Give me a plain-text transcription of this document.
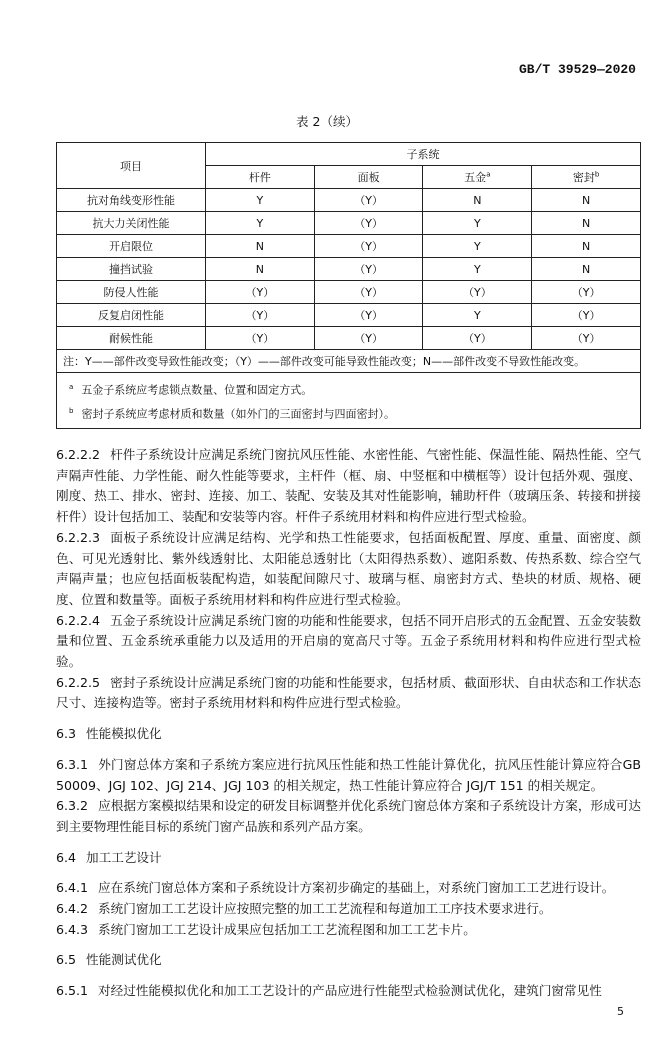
GB/T 39529—2020
表 2（续）
项目	子系统			
	杆件	面板	五金$^a$	密封$^b$
抗对角线变形性能	Y	（Y）	N	N
抗大力关闭性能	Y	（Y）	Y	N
开启限位	N	（Y）	Y	N
撞挡试验	N	（Y）	Y	N
防侵人性能	（Y）	（Y）	（Y）	（Y）
反复启闭性能	（Y）	（Y）	Y	（Y）
耐候性能	（Y）	（Y）	（Y）	（Y）
注：Y——部件改变导致性能改变；（Y）——部件改变可能导致性能改变；N——部件改变不导致性能改变。				

$^a$ 五金子系统应考虑锁点数量、位置和固定方式。
$^b$ 密封子系统应考虑材质和数量（如外门的三面密封与四面密封）。				

6.2.2.2 杆件子系统设计应满足系统门窗抗风压性能、水密性能、气密性能、保温性能、隔热性能、空气声隔声性能、力学性能、耐久性能等要求，主杆件（框、扇、中竖框和中横框等）设计包括外观、强度、刚度、热工、排水、密封、连接、加工、装配、安装及其对性能影响，辅助杆件（玻璃压条、转接和拼接杆件）设计包括加工、装配和安装等内容。杆件子系统用材料和构件应进行型式检验。

6.2.2.3 面板子系统设计应满足结构、光学和热工性能要求，包括面板配置、厚度、重量、面密度、颜色、可见光透射比、紫外线透射比、太阳能总透射比（太阳得热系数）、遮阳系数、传热系数、综合空气声隔声量；也应包括面板装配构造，如装配间隙尺寸、玻璃与框、扇密封方式、垫块的材质、规格、硬度、位置和数量等。面板子系统用材料和构件应进行型式检验。

6.2.2.4 五金子系统设计应满足系统门窗的功能和性能要求，包括不同开启形式的五金配置、五金安装数量和位置、五金系统承重能力以及适用的开启扇的宽高尺寸等。五金子系统用材料和构件应进行型式检验。

6.2.2.5 密封子系统设计应满足系统门窗的功能和性能要求，包括材质、截面形状、自由状态和工作状态尺寸、连接构造等。密封子系统用材料和构件应进行型式检验。

6.3 性能模拟优化

6.3.1 外门窗总体方案和子系统方案应进行抗风压性能和热工性能计算优化，抗风压性能计算应符合GB 50009、JGJ 102、JGJ 214、JGJ 103 的相关规定，热工性能计算应符合 JGJ/T 151 的相关规定。

6.3.2 应根据方案模拟结果和设定的研发目标调整并优化系统门窗总体方案和子系统设计方案，形成可达到主要物理性能目标的系统门窗产品族和系列产品方案。

6.4 加工工艺设计

6.4.1 应在系统门窗总体方案和子系统设计方案初步确定的基础上，对系统门窗加工工艺进行设计。

6.4.2 系统门窗加工工艺设计应按照完整的加工工艺流程和每道加工工序技术要求进行。

6.4.3 系统门窗加工工艺设计成果应包括加工工艺流程图和加工工艺卡片。

6.5 性能测试优化

6.5.1 对经过性能模拟优化和加工工艺设计的产品应进行性能型式检验测试优化，建筑门窗常见性

5
